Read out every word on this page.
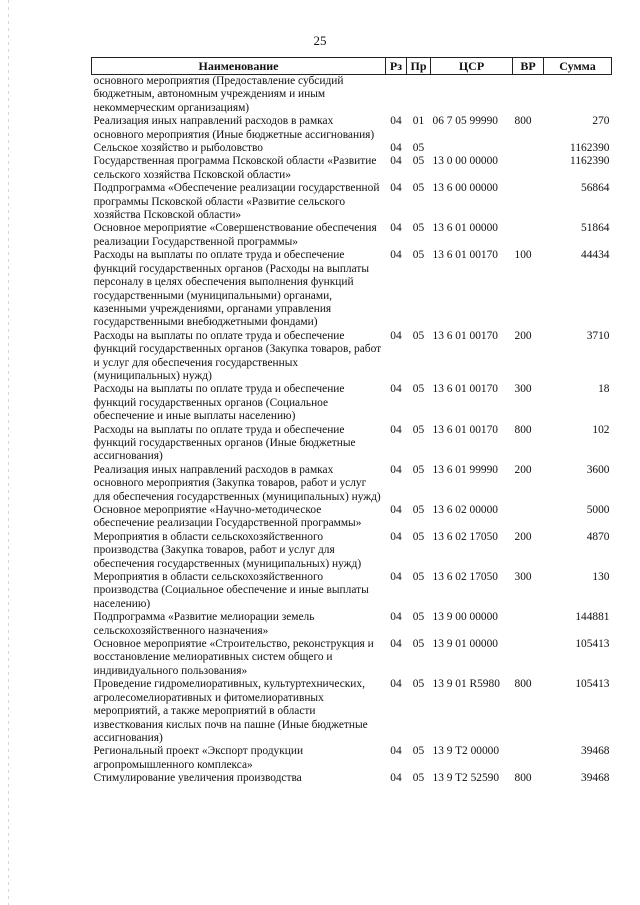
25
Наименование	Рз	Пр	ЦСР	ВР	Сумма
основного мероприятия (Предоставление субсидий бюджетным, автономным учреждениям и иным некоммерческим организациям)					
Реализация иных направлений расходов в рамках основного мероприятия (Иные бюджетные ассигнования)	04	01	06 7 05 99990	800	270
Сельское хозяйство и рыболовство	04	05			1162390
Государственная программа Псковской области «Развитие сельского хозяйства Псковской области»	04	05	13 0 00 00000		1162390
Подпрограмма «Обеспечение реализации государственной программы Псковской области «Развитие сельского хозяйства Псковской области»	04	05	13 6 00 00000		56864
Основное мероприятие «Совершенствование обеспечения реализации Государственной программы»	04	05	13 6 01 00000		51864
Расходы на выплаты по оплате труда и обеспечение функций государственных органов (Расходы на выплаты персоналу в целях обеспечения выполнения функций государственными (муниципальными) органами, казенными учреждениями, органами управления государственными внебюджетными фондами)	04	05	13 6 01 00170	100	44434
Расходы на выплаты по оплате труда и обеспечение функций государственных органов (Закупка товаров, работ и услуг для обеспечения государственных (муниципальных) нужд)	04	05	13 6 01 00170	200	3710
Расходы на выплаты по оплате труда и обеспечение функций государственных органов (Социальное обеспечение и иные выплаты населению)	04	05	13 6 01 00170	300	18
Расходы на выплаты по оплате труда и обеспечение функций государственных органов (Иные бюджетные ассигнования)	04	05	13 6 01 00170	800	102
Реализация иных направлений расходов в рамках основного мероприятия (Закупка товаров, работ и услуг для обеспечения государственных (муниципальных) нужд)	04	05	13 6 01 99990	200	3600
Основное мероприятие «Научно-методическое обеспечение реализации Государственной программы»	04	05	13 6 02 00000		5000
Мероприятия в области сельскохозяйственного производства (Закупка товаров, работ и услуг для обеспечения государственных (муниципальных) нужд)	04	05	13 6 02 17050	200	4870
Мероприятия в области сельскохозяйственного производства (Социальное обеспечение и иные выплаты населению)	04	05	13 6 02 17050	300	130
Подпрограмма «Развитие мелиорации земель сельскохозяйственного назначения»	04	05	13 9 00 00000		144881
Основное мероприятие «Строительство, реконструкция и восстановление мелиоративных систем общего и индивидуального пользования»	04	05	13 9 01 00000		105413
Проведение гидромелиоративных, культуртехнических, агролесомелиоративных и фитомелиоративных мероприятий, а также мероприятий в области известкования кислых почв на пашне (Иные бюджетные ассигнования)	04	05	13 9 01 R5980	800	105413
Региональный проект «Экспорт продукции агропромышленного комплекса»	04	05	13 9 T2 00000		39468
Стимулирование увеличения производства	04	05	13 9 T2 52590	800	39468
